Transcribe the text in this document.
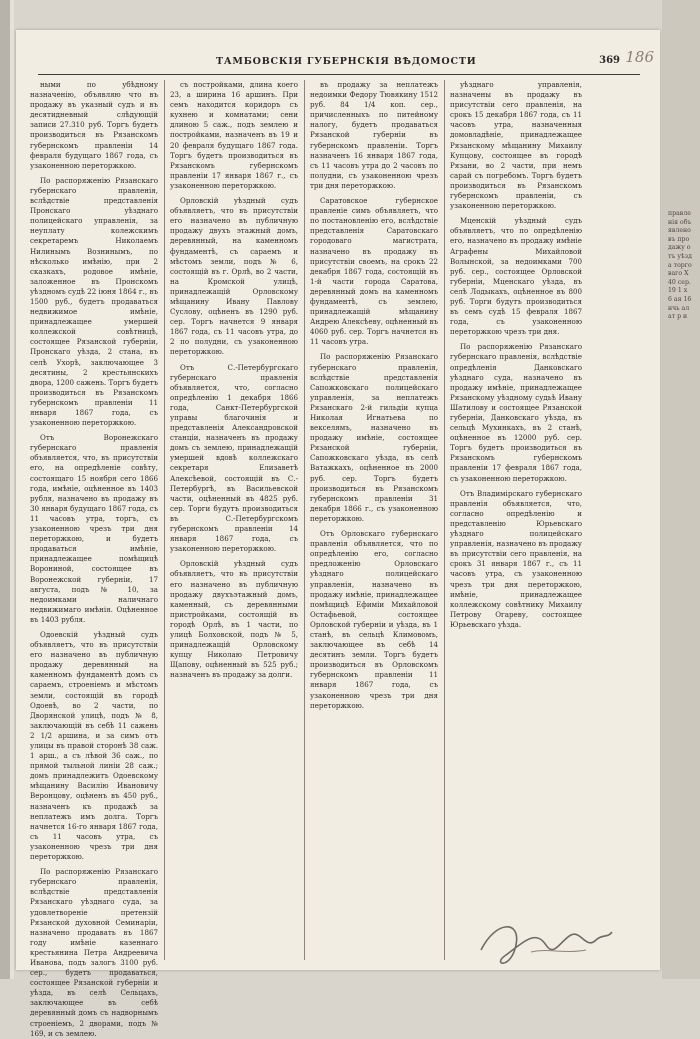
правленія объявлено въ продажу отъ уѣзда торговаго Х 40 сер. 19 1 х 6 ая 16 нчь ал ат р и
ТАМБОВСКІЯ ГУБЕРНСКІЯ ВѢДОМОСТИ	369 186

ными по убѣдному назначенію, объявляю что въ продажу въ указный судъ и въ десятидневный слѣдующій записи 27.310 руб. Торгъ будетъ производиться въ Рязанскомъ губернскомъ правленіи 14 февраля будущаго 1867 года, съ узаконенною переторжкою.

По распоряженію Рязанскаго губернскаго правленія, вслѣдствіе представленія Пронскаго уѣзднаго полицейскаго управленія, за неуплату колежскимъ секретаремъ Николаемъ Нилинымъ Вознинымъ, по нѣсколько имѣнію, при 2 сказкахъ, родовое имѣніе, заложенное въ Пронскомъ уѣздномъ судѣ 22 іюня 1864 г., въ 1500 руб., будетъ продаваться недвижимое имѣніе, принадлежащее умершей коллежской совѣтницѣ, состоящее Рязанской губерніи, Пронскаго уѣзда, 2 стана, въ селѣ Ухорѣ, заключающее 3 десятины, 2 крестьянскихъ двора, 1200 сажень. Торгъ будетъ производиться въ Рязанскомъ губернскомъ правленіи 11 января 1867 года, съ узаконенною переторжкою.

Отъ Воронежскаго губернскаго правленія объявляется, что, въ присутствіи его, на опредѣленіе совѣту, состоящаго 15 ноября сего 1866 года, имѣніе, оцѣненное въ 1403 рубля, назначено въ продажу въ 30 января будущаго 1867 года, съ 11 часовъ утра, торгъ, съ узаконенною чрезъ три дня переторжкою, и будетъ продаваться имѣніе, принадлежащее помѣщицѣ Ворониной, состоящее въ Воронежской губерніи, 17 августа, подъ № 10, за недоимками наличнаго недвижимаго имѣнія. Оцѣненное въ 1403 рубля.

Одоевскій уѣздный судъ объявляетъ, что въ присутствіи его назначено въ публичную продажу деревянный на каменномъ фундаментѣ домъ съ сараемъ, строеніемъ и мѣстомъ земли, состоящій въ городѣ Одоевѣ, во 2 части, по Дворянской улицѣ, подъ № 8, заключающій въ себѣ 11 сажень 2 1/2 аршина, и за симъ отъ улицы въ правой сторонѣ 38 саж. 1 арш., а съ лѣвой 36 саж., по прямой тыльной линіи 28 саж.; домъ принадлежитъ Одоевскому мѣщанину Василію Ивановичу Веронцову, оцѣненъ въ 450 руб., назначенъ къ продажѣ за неплатежъ имъ долга. Торгъ начнется 16-го января 1867 года, съ 11 часовъ утра, съ узаконенною чрезъ три дня переторжкою.

По распоряженію Рязанскаго губернскаго правленія, вслѣдствіе представленія Рязанскаго уѣзднаго суда, за удовлетвореніе претензій Рязанской духовной Семинаріи, назначено продавать въ 1867 году имѣніе казеннаго крестьянина Петра Андреевича Иванова, подъ залогъ 3100 руб. сер., будетъ продаваться, состоящее Рязанской губерніи и уѣзда, въ селѣ Сельцахъ, заключающее въ себѣ деревянный домъ съ надворнымъ строеніемъ, 2 дворами, подъ № 169, и съ землею.

съ постройками, длина коего 23, а ширина 16 аршинъ. При семъ находится коридоръ съ кухнею и комнатами; сени длиною 5 саж., подъ землею и постройками, назначенъ въ 19 и 20 февраля будущаго 1867 года. Торгъ будетъ производиться въ Рязанскомъ губернскомъ правленіи 17 января 1867 г., съ узаконенною переторжкою.

Орловскій уѣздный судъ объявляетъ, что въ присутствіи его назначено въ публичную продажу двухъ этажный домъ, деревянный, на каменномъ фундаментѣ, съ сараемъ и мѣстомъ земли, подъ № 6, состоящій въ г. Орлѣ, во 2 части, на Кромской улицѣ, принадлежащій Орловскому мѣщанину Ивану Павлову Суслову, оцѣненъ въ 1290 руб. сер. Торгъ начнется 9 января 1867 года, съ 11 часовъ утра, до 2 по полудни, съ узаконенною переторжкою.

Отъ С.-Петербургскаго губернскаго правленія объявляется, что, согласно опредѣленію 1 декабря 1866 года, Санкт-Петербургской управы благочинія и представленія Александровской станціи, назначенъ въ продажу домъ съ землею, принадлежащій умершей вдовѣ коллежскаго секретаря Елизаветѣ Алексѣевой, состоящій въ С.-Петербургѣ, въ Васильевской части, оцѣненный въ 4825 руб. сер. Торги будутъ производиться въ С.-Петербургскомъ губернскомъ правленіи 14 января 1867 года, съ узаконенною переторжкою.

Орловскій уѣздный судъ объявляетъ, что въ присутствіи его назначено въ публичную продажу двухъэтажный домъ, каменный, съ деревянными пристройками, состоящій въ городѣ Орлѣ, въ 1 части, по улицѣ Болховской, подъ № 5, принадлежащій Орловскому купцу Николаю Петровичу Щапову, оцѣненный въ 525 руб.; назначенъ въ продажу за долги.

въ продажу за неплатежъ недоимки Федору Тювякину 1512 руб. 84 1/4 коп. сер., причисленныхъ по питейному налогу, будетъ продаваться Рязанской губерніи въ губернскомъ правленіи. Торгъ назначенъ 16 января 1867 года, съ 11 часовъ утра до 2 часовъ по полудни, съ узаконенною чрезъ три дня переторжкою.

Саратовское губернское правленіе симъ объявляетъ, что по постановленію его, вслѣдствіе представленія Саратовскаго городоваго магистрата, назначено въ продажу въ присутствіи своемъ, на срокъ 22 декабря 1867 года, состоящій въ 1-й части города Саратова, деревянный домъ на каменномъ фундаментѣ, съ землею, принадлежащій мѣщанину Андрею Алексѣеву, оцѣненный въ 4060 руб. сер. Торгъ начнется въ 11 часовъ утра.

По распоряженію Рязанскаго губернскаго правленія, вслѣдствіе представленія Сапожковскаго полицейскаго управленія, за неплатежъ Рязанскаго 2-й гильдіи купца Николая Игнатьева по векселямъ, назначено въ продажу имѣніе, состоящее Рязанской губерніи, Сапожковскаго уѣзда, въ селѣ Ватажкахъ, оцѣненное въ 2000 руб. сер. Торгъ будетъ производиться въ Рязанскомъ губернскомъ правленіи 31 декабря 1866 г., съ узаконенною переторжкою.

Отъ Орловскаго губернскаго правленія объявляется, что по опредѣленію его, согласно предложенію Орловскаго уѣзднаго полицейскаго управленія, назначено въ продажу имѣніе, принадлежащее помѣщицѣ Ефиміи Михайловой Остафьевой, состоящее Орловской губерніи и уѣзда, въ 1 станѣ, въ сельцѣ Климовомъ, заключающее въ себѣ 14 десятинъ земли. Торгъ будетъ производиться въ Орловскомъ губернскомъ правленіи 11 января 1867 года, съ узаконенною чрезъ три дня переторжкою.

уѣзднаго управленія, назначены въ продажу въ присутствіи сего правленія, на срокъ 15 декабря 1867 года, съ 11 часовъ утра, назначенныя домовладѣніе, принадлежащее Рязанскому мѣщанину Михаилу Купцову, состоящее въ городѣ Рязани, во 2 части, при немъ сарай съ погребомъ. Торгъ будетъ производиться въ Рязанскомъ губернскомъ правленіи, съ узаконенною переторжкою.

Мценскій уѣздный судъ объявляетъ, что по опредѣленію его, назначено въ продажу имѣніе Аграфены Михайловой Волынской, за недоимками 700 руб. сер., состоящее Орловской губерніи, Мценскаго уѣзда, въ селѣ Лодыкахъ, оцѣненное въ 800 руб. Торги будутъ производиться въ семъ судѣ 15 февраля 1867 года, съ узаконенною переторжкою чрезъ три дня.

По распоряженію Рязанскаго губернскаго правленія, вслѣдствіе опредѣленія Данковскаго уѣзднаго суда, назначено въ продажу имѣніе, принадлежащее Рязанскому уѣздному судьѣ Ивану Шатилову и состоящее Рязанской губерніи, Данковскаго уѣзда, въ сельцѣ Мухинкахъ, въ 2 станѣ, оцѣненное въ 12000 руб. сер. Торгъ будетъ производиться въ Рязанскомъ губернскомъ правленіи 17 февраля 1867 года, съ узаконенною переторжкою.

Отъ Владимірскаго губернскаго правленія объявляется, что, согласно опредѣленію и представленію Юрьевскаго уѣзднаго полицейскаго управленія, назначено въ продажу въ присутствіи сего правленія, на срокъ 31 января 1867 г., съ 11 часовъ утра, съ узаконенною чрезъ три дня переторжкою, имѣніе, принадлежащее коллежскому совѣтнику Михаилу Петрову Огареву, состоящее Юрьевскаго уѣзда.
